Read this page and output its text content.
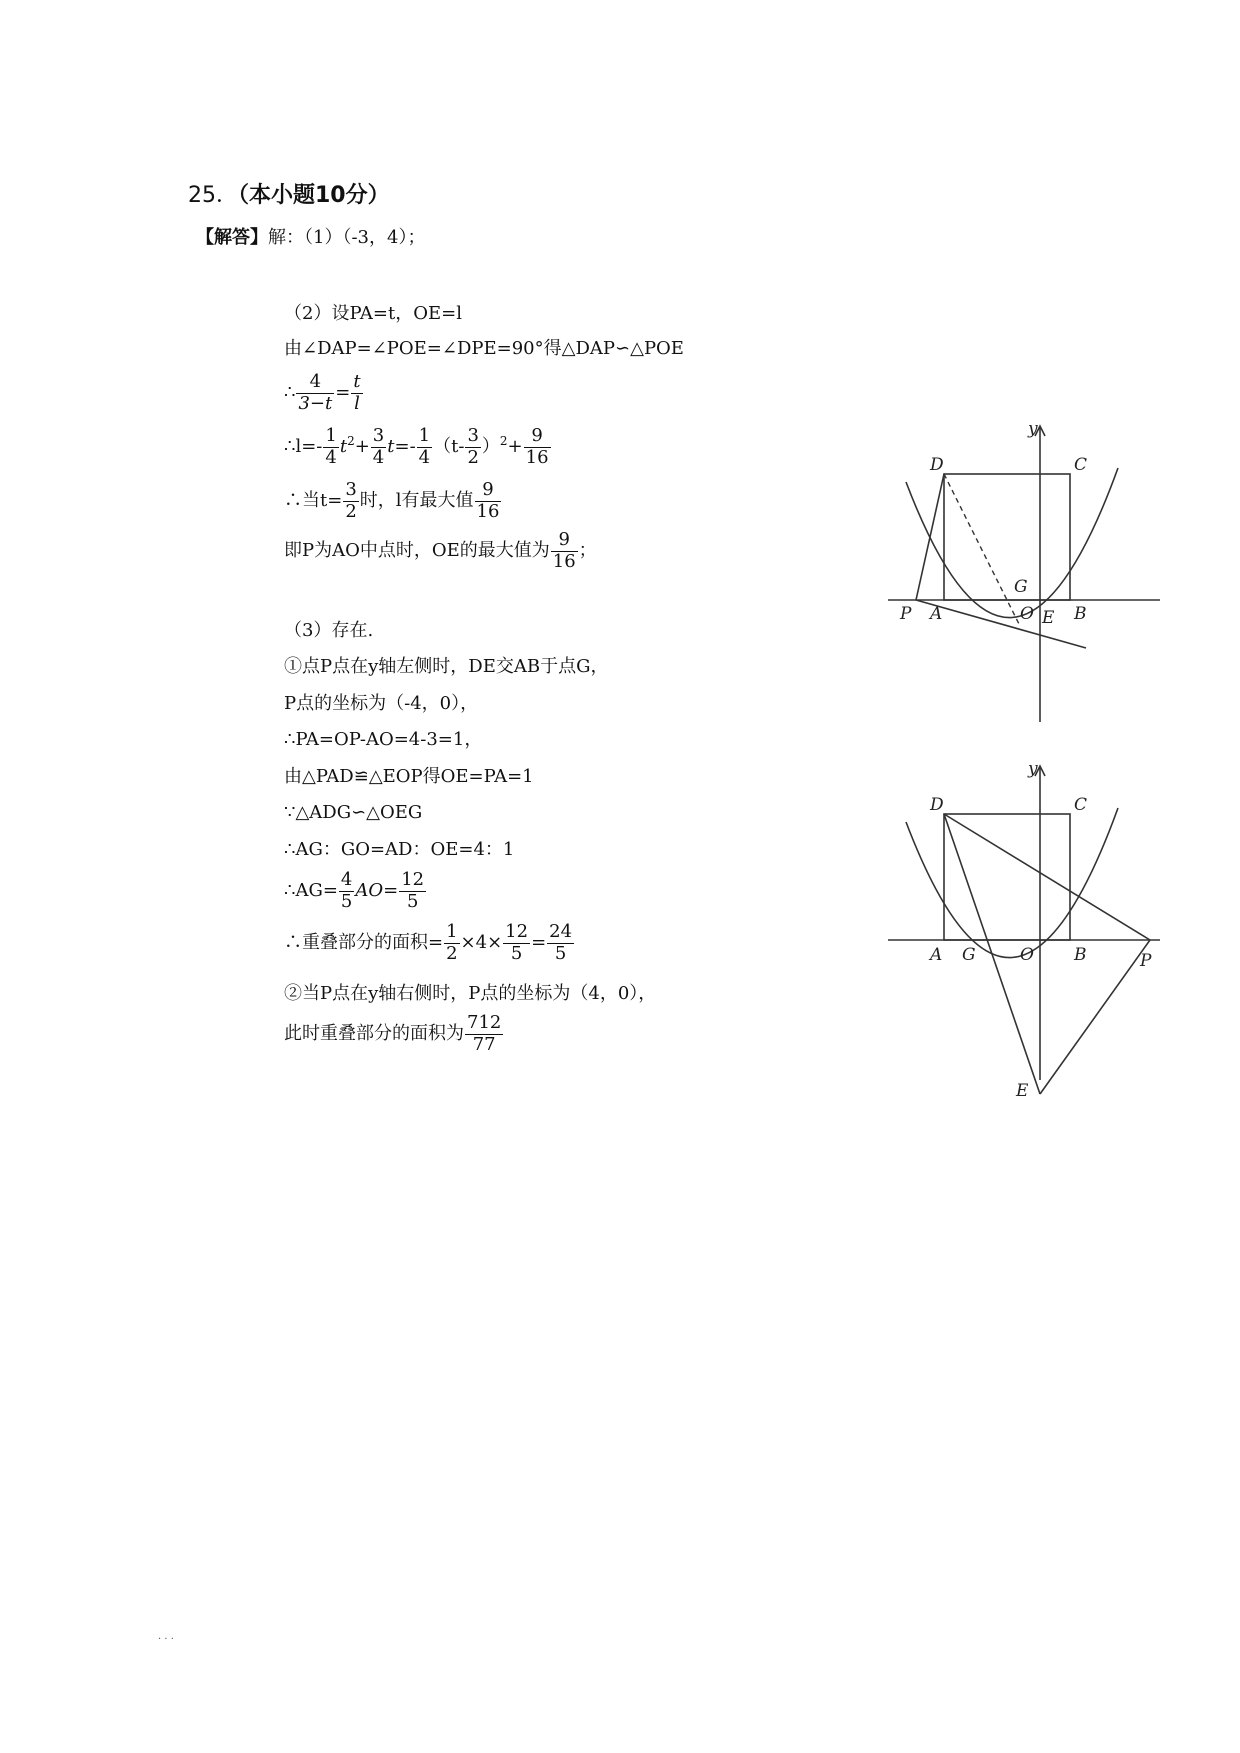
25．（本小题10分）
【解答】解：（1）（-3，4）；
（2）设PA=t，OE=l
由∠DAP=∠POE=∠DPE=90°得△DAP∽△POE
∴ $\frac{4}{3-t} = \frac{t}{l}$
∴l=- $\frac{1}{4} t^2+ \frac{3}{4} t=- \frac{1}{4} (t- \frac{3}{2} )^2+ \frac{9}{16}$
∴当$t= \frac{3}{2}$ 时，l有最大值 $\frac{9}{16}$
即P为AO中点时，OE的最大值为 $\frac{9}{16}$ ；
（3）存在.
①点P点在y轴左侧时，DE交AB于点G，
P点的坐标为（-4，0），
∴PA=OP-AO=4-3=1，
由△PAD≌△EOP得OE=PA=1
∵△ADG∽△OEG
∴AG：GO=AD：OE=4：1
∴AG= $\frac{4}{5} AO= \frac{12}{5}$
∴重叠部分的面积= $\frac{1}{2} \times 4\times \frac{12}{5} = \frac{24}{5}$
②当P点在y轴右侧时，P点的坐标为（4，0），
此时重叠部分的面积为 $\frac{712}{77}$
y
D	C
G
P A	O E B
y
D	C
A G	O B	P
E
· · ·
